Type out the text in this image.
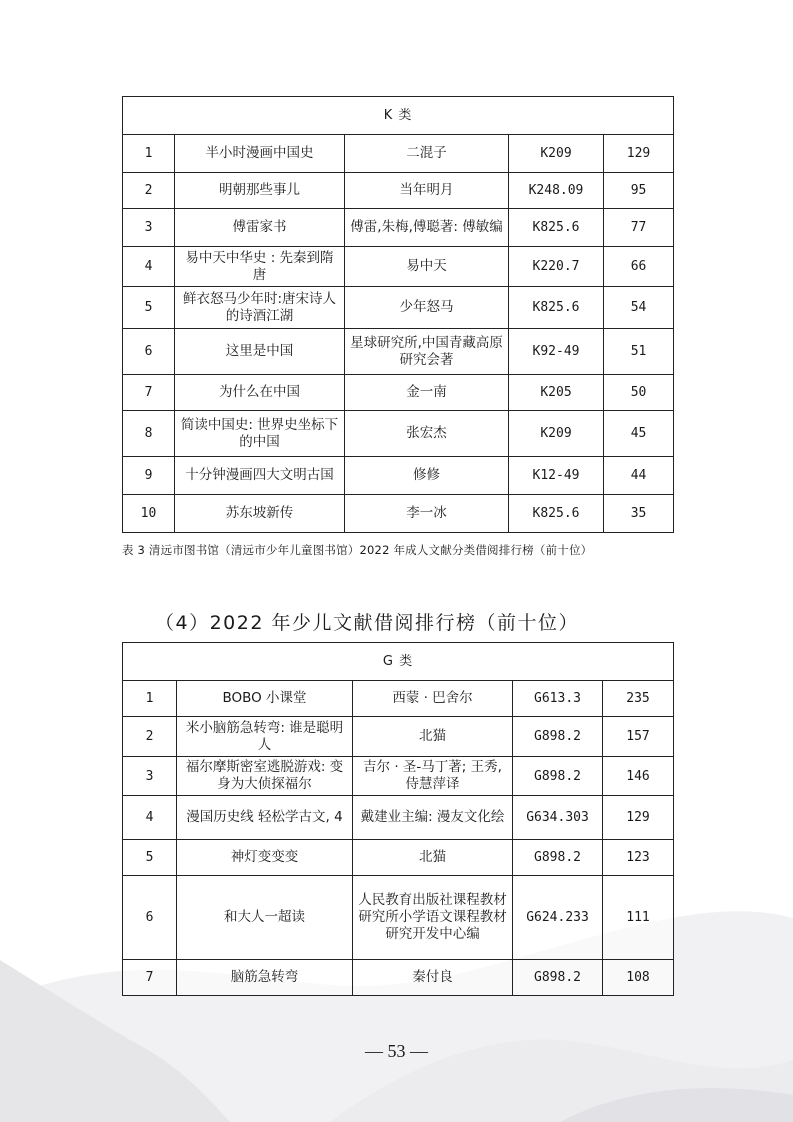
K 类				
1	半小时漫画中国史	二混子	K209	129
2	明朝那些事儿	当年明月	K248.09	95
3	傅雷家书	傅雷,朱梅,傅聪著: 傅敏编	K825.6	77
4	易中天中华史 : 先秦到隋唐	易中天	K220.7	66
5	鲜衣怒马少年时:唐宋诗人的诗酒江湖	少年怒马	K825.6	54
6	这里是中国	星球研究所,中国青藏高原研究会著	K92-49	51
7	为什么在中国	金一南	K205	50
8	简读中国史: 世界史坐标下的中国	张宏杰	K209	45
9	十分钟漫画四大文明古国	修修	K12-49	44
10	苏东坡新传	李一冰	K825.6	35
表 3 清远市图书馆（清远市少年儿童图书馆）2022 年成人文献分类借阅排行榜（前十位）
（4）2022 年少儿文献借阅排行榜（前十位）
G 类				
1	BOBO 小课堂	西蒙 · 巴舍尔	G613.3	235
2	米小脑筋急转弯: 谁是聪明人	北猫	G898.2	157
3	福尔摩斯密室逃脱游戏: 变身为大侦探福尔	吉尔 · 圣-马丁著; 王秀, 侍慧萍译	G898.2	146
4	漫国历史线 轻松学古文, 4	戴建业主编: 漫友文化绘	G634.303	129
5	神灯变变变	北猫	G898.2	123
6	和大人一超读	人民教育出版社课程教材研究所小学语文课程教材研究开发中心编	G624.233	111
7	脑筋急转弯	秦付良	G898.2	108
— 53 —
